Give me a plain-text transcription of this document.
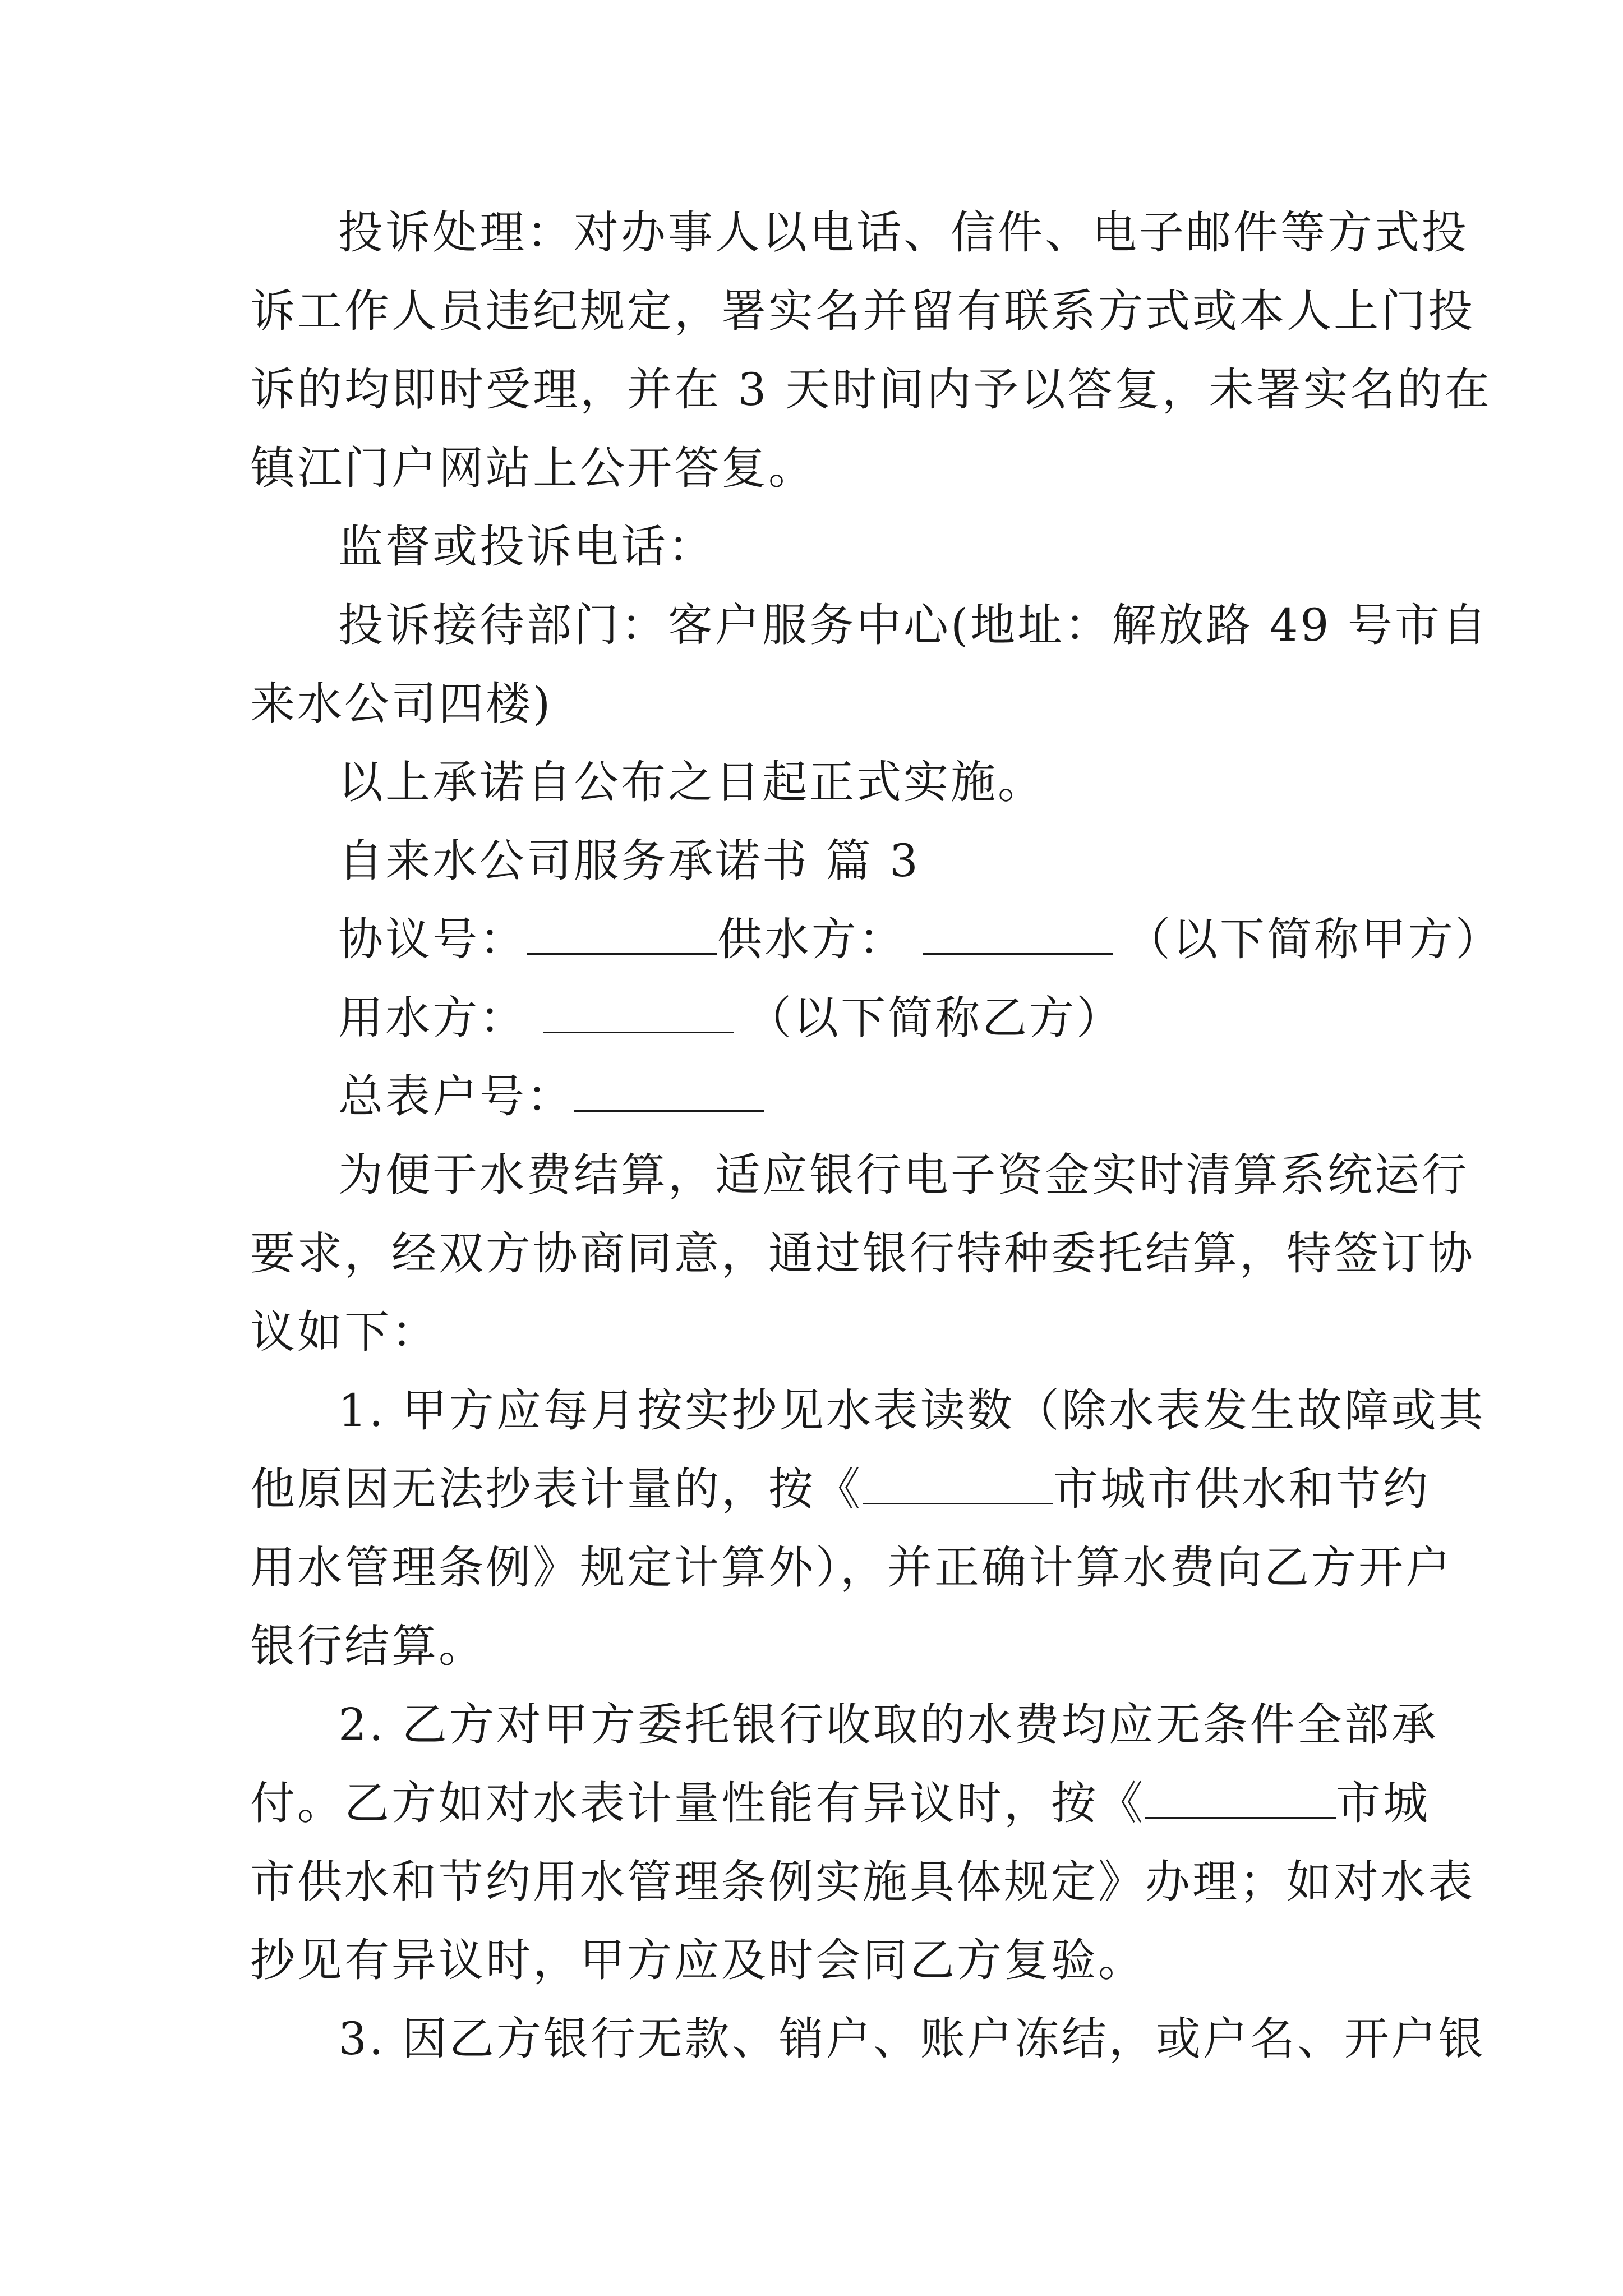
投诉处理：对办事人以电话、信件、电子邮件等方式投
诉工作人员违纪规定，署实名并留有联系方式或本人上门投
诉的均即时受理，并在 3 天时间内予以答复，未署实名的在
镇江门户网站上公开答复。
监督或投诉电话：
投诉接待部门：客户服务中心(地址：解放路 49 号市自
来水公司四楼)
以上承诺自公布之日起正式实施。
自来水公司服务承诺书 篇 3
协议号：	供水方：	（以下简称甲方）
用水方：	（以下简称乙方）
总表户号：
为便于水费结算，适应银行电子资金实时清算系统运行
要求，经双方协商同意，通过银行特种委托结算，特签订协
议如下：
1. 甲方应每月按实抄见水表读数（除水表发生故障或其
他原因无法抄表计量的，按《	市城市供水和节约
用水管理条例》规定计算外），并正确计算水费向乙方开户
银行结算。
2. 乙方对甲方委托银行收取的水费均应无条件全部承
付。乙方如对水表计量性能有异议时，按《	市城
市供水和节约用水管理条例实施具体规定》办理；如对水表
抄见有异议时，甲方应及时会同乙方复验。
3. 因乙方银行无款、销户、账户冻结，或户名、开户银
